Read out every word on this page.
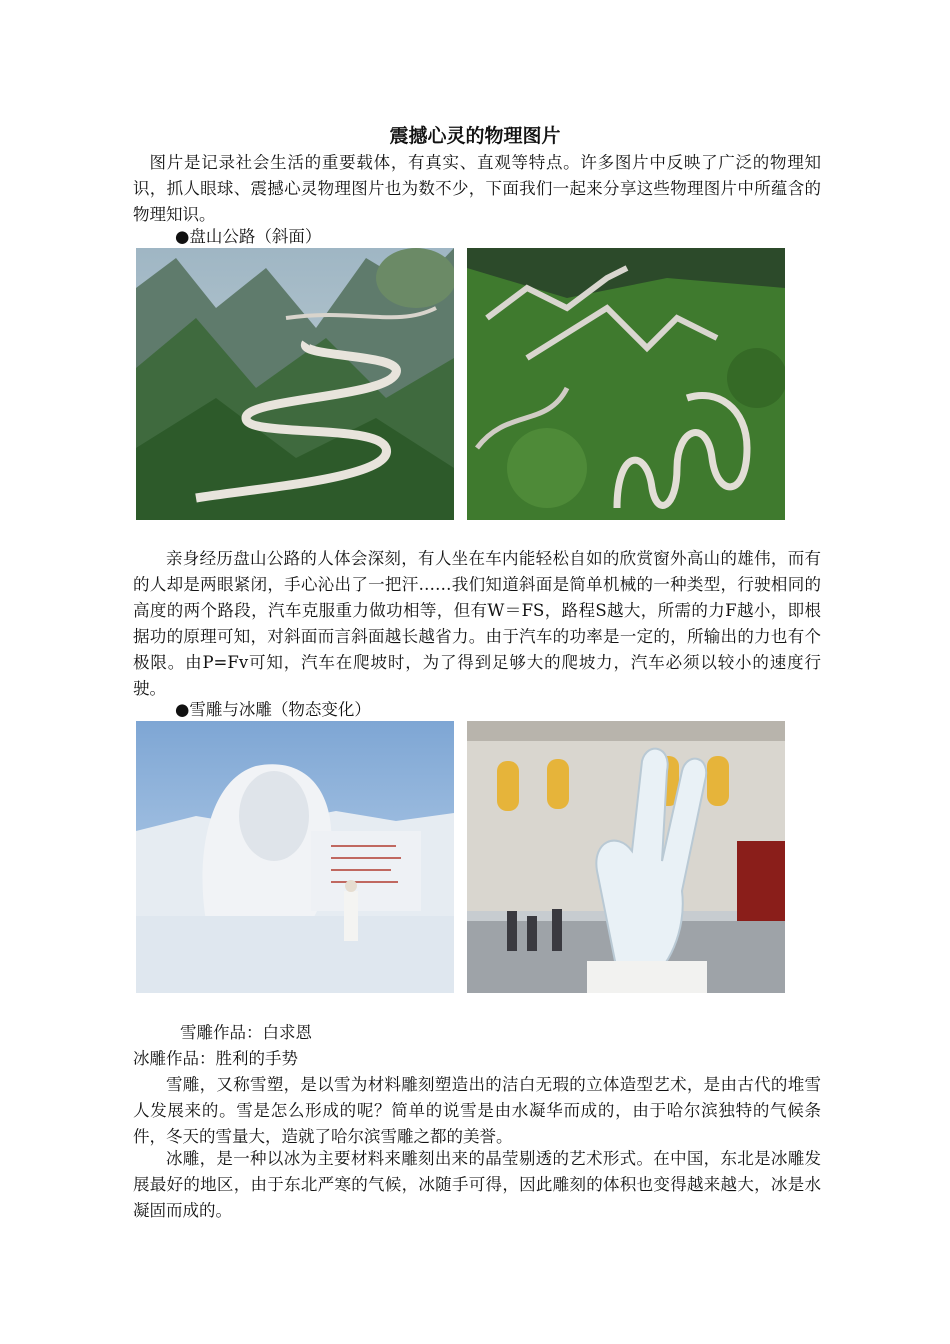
震撼心灵的物理图片

图片是记录社会生活的重要载体，有真实、直观等特点。许多图片中反映了广泛的物理知识，抓人眼球、震撼心灵物理图片也为数不少，下面我们一起来分享这些物理图片中所蕴含的物理知识。

●盘山公路（斜面）

亲身经历盘山公路的人体会深刻，有人坐在车内能轻松自如的欣赏窗外高山的雄伟，而有的人却是两眼紧闭，手心沁出了一把汗……我们知道斜面是简单机械的一种类型，行驶相同的高度的两个路段，汽车克服重力做功相等，但有W＝FS，路程S越大，所需的力F越小，即根据功的原理可知，对斜面而言斜面越长越省力。由于汽车的功率是一定的，所输出的力也有个极限。由P=Fv可知，汽车在爬坡时，为了得到足够大的爬坡力，汽车必须以较小的速度行驶。

●雪雕与冰雕（物态变化）
雪雕作品：白求恩
冰雕作品：胜利的手势

雪雕，又称雪塑，是以雪为材料雕刻塑造出的洁白无瑕的立体造型艺术，是由古代的堆雪人发展来的。雪是怎么形成的呢？简单的说雪是由水凝华而成的，由于哈尔滨独特的气候条件，冬天的雪量大，造就了哈尔滨雪雕之都的美誉。

冰雕，是一种以冰为主要材料来雕刻出来的晶莹剔透的艺术形式。在中国，东北是冰雕发展最好的地区，由于东北严寒的气候，冰随手可得，因此雕刻的体积也变得越来越大，冰是水凝固而成的。
